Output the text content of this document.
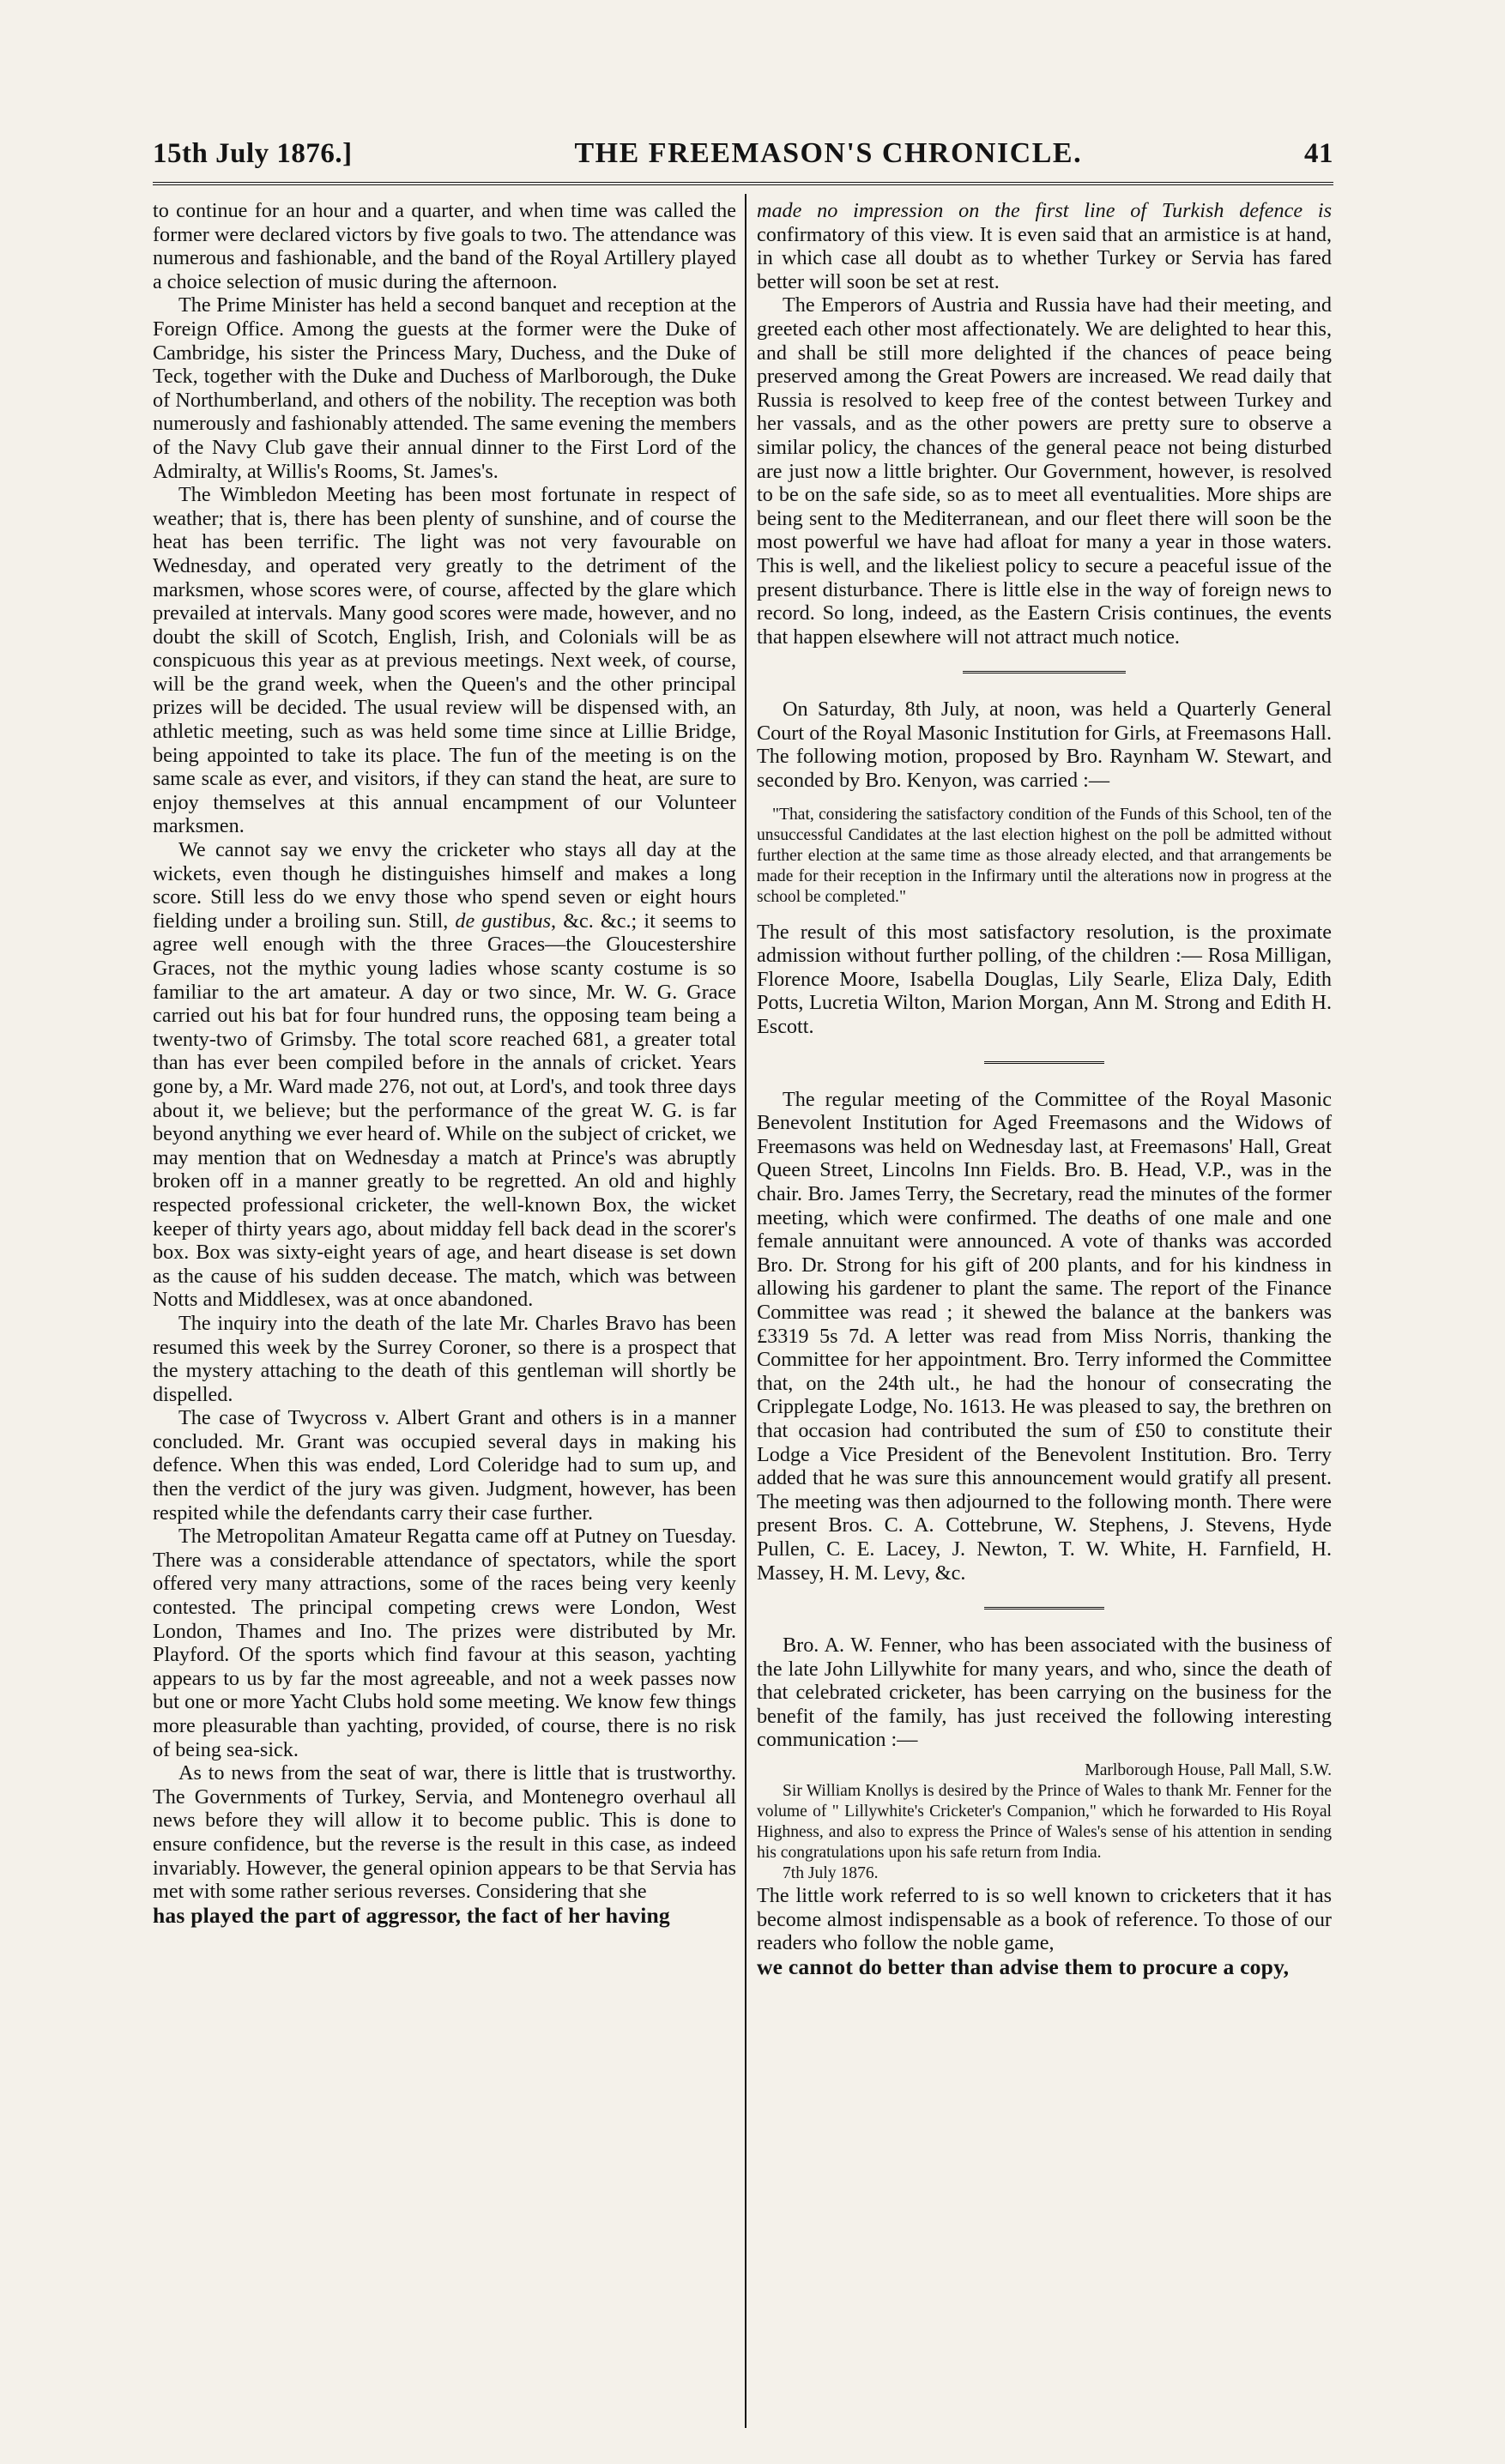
15th July 1876.]	THE FREEMASON'S CHRONICLE.	41

to continue for an hour and a quarter, and when time was called the former were declared victors by five goals to two. The attendance was numerous and fashionable, and the band of the Royal Artillery played a choice selection of music during the afternoon.

The Prime Minister has held a second banquet and reception at the Foreign Office. Among the guests at the former were the Duke of Cambridge, his sister the Princess Mary, Duchess, and the Duke of Teck, together with the Duke and Duchess of Marlborough, the Duke of Northumberland, and others of the nobility. The reception was both numerously and fashionably attended. The same evening the members of the Navy Club gave their annual dinner to the First Lord of the Admiralty, at Willis's Rooms, St. James's.

The Wimbledon Meeting has been most fortunate in respect of weather; that is, there has been plenty of sunshine, and of course the heat has been terrific. The light was not very favourable on Wednesday, and operated very greatly to the detriment of the marksmen, whose scores were, of course, affected by the glare which prevailed at intervals. Many good scores were made, however, and no doubt the skill of Scotch, English, Irish, and Colonials will be as conspicuous this year as at previous meetings. Next week, of course, will be the grand week, when the Queen's and the other principal prizes will be decided. The usual review will be dispensed with, an athletic meeting, such as was held some time since at Lillie Bridge, being appointed to take its place. The fun of the meeting is on the same scale as ever, and visitors, if they can stand the heat, are sure to enjoy themselves at this annual encampment of our Volunteer marksmen.

We cannot say we envy the cricketer who stays all day at the wickets, even though he distinguishes himself and makes a long score. Still less do we envy those who spend seven or eight hours fielding under a broiling sun. Still, de gustibus, &c. &c.; it seems to agree well enough with the three Graces—the Gloucestershire Graces, not the mythic young ladies whose scanty costume is so familiar to the art amateur. A day or two since, Mr. W. G. Grace carried out his bat for four hundred runs, the opposing team being a twenty-two of Grimsby. The total score reached 681, a greater total than has ever been compiled before in the annals of cricket. Years gone by, a Mr. Ward made 276, not out, at Lord's, and took three days about it, we believe; but the performance of the great W. G. is far beyond anything we ever heard of. While on the subject of cricket, we may mention that on Wednesday a match at Prince's was abruptly broken off in a manner greatly to be regretted. An old and highly respected professional cricketer, the well-known Box, the wicket keeper of thirty years ago, about midday fell back dead in the scorer's box. Box was sixty-eight years of age, and heart disease is set down as the cause of his sudden decease. The match, which was between Notts and Middlesex, was at once abandoned.

The inquiry into the death of the late Mr. Charles Bravo has been resumed this week by the Surrey Coroner, so there is a prospect that the mystery attaching to the death of this gentleman will shortly be dispelled.

The case of Twycross v. Albert Grant and others is in a manner concluded. Mr. Grant was occupied several days in making his defence. When this was ended, Lord Coleridge had to sum up, and then the verdict of the jury was given. Judgment, however, has been respited while the defendants carry their case further.

The Metropolitan Amateur Regatta came off at Putney on Tuesday. There was a considerable attendance of spectators, while the sport offered very many attractions, some of the races being very keenly contested. The principal competing crews were London, West London, Thames and Ino. The prizes were distributed by Mr. Playford. Of the sports which find favour at this season, yachting appears to us by far the most agreeable, and not a week passes now but one or more Yacht Clubs hold some meeting. We know few things more pleasurable than yachting, provided, of course, there is no risk of being sea-sick.

As to news from the seat of war, there is little that is trustworthy. The Governments of Turkey, Servia, and Montenegro overhaul all news before they will allow it to become public. This is done to ensure confidence, but the reverse is the result in this case, as indeed invariably. However, the general opinion appears to be that Servia has met with some rather serious reverses. Considering that she

has played the part of aggressor, the fact of her having

made no impression on the first line of Turkish defence is confirmatory of this view. It is even said that an armistice is at hand, in which case all doubt as to whether Turkey or Servia has fared better will soon be set at rest.

The Emperors of Austria and Russia have had their meeting, and greeted each other most affectionately. We are delighted to hear this, and shall be still more delighted if the chances of peace being preserved among the Great Powers are increased. We read daily that Russia is resolved to keep free of the contest between Turkey and her vassals, and as the other powers are pretty sure to observe a similar policy, the chances of the general peace not being disturbed are just now a little brighter. Our Government, however, is resolved to be on the safe side, so as to meet all eventualities. More ships are being sent to the Mediterranean, and our fleet there will soon be the most powerful we have had afloat for many a year in those waters. This is well, and the likeliest policy to secure a peaceful issue of the present disturbance. There is little else in the way of foreign news to record. So long, indeed, as the Eastern Crisis continues, the events that happen elsewhere will not attract much notice.

On Saturday, 8th July, at noon, was held a Quarterly General Court of the Royal Masonic Institution for Girls, at Freemasons Hall. The following motion, proposed by Bro. Raynham W. Stewart, and seconded by Bro. Kenyon, was carried :—

"That, considering the satisfactory condition of the Funds of this School, ten of the unsuccessful Candidates at the last election highest on the poll be admitted without further election at the same time as those already elected, and that arrangements be made for their reception in the Infirmary until the alterations now in progress at the school be completed."

The result of this most satisfactory resolution, is the proximate admission without further polling, of the children :— Rosa Milligan, Florence Moore, Isabella Douglas, Lily Searle, Eliza Daly, Edith Potts, Lucretia Wilton, Marion Morgan, Ann M. Strong and Edith H. Escott.

The regular meeting of the Committee of the Royal Masonic Benevolent Institution for Aged Freemasons and the Widows of Freemasons was held on Wednesday last, at Freemasons' Hall, Great Queen Street, Lincolns Inn Fields. Bro. B. Head, V.P., was in the chair. Bro. James Terry, the Secretary, read the minutes of the former meeting, which were confirmed. The deaths of one male and one female annuitant were announced. A vote of thanks was accorded Bro. Dr. Strong for his gift of 200 plants, and for his kindness in allowing his gardener to plant the same. The report of the Finance Committee was read ; it shewed the balance at the bankers was £3319 5s 7d. A letter was read from Miss Norris, thanking the Committee for her appointment. Bro. Terry informed the Committee that, on the 24th ult., he had the honour of consecrating the Cripplegate Lodge, No. 1613. He was pleased to say, the brethren on that occasion had contributed the sum of £50 to constitute their Lodge a Vice President of the Benevolent Institution. Bro. Terry added that he was sure this announcement would gratify all present. The meeting was then adjourned to the following month. There were present Bros. C. A. Cottebrune, W. Stephens, J. Stevens, Hyde Pullen, C. E. Lacey, J. Newton, T. W. White, H. Farnfield, H. Massey, H. M. Levy, &c.

Bro. A. W. Fenner, who has been associated with the business of the late John Lillywhite for many years, and who, since the death of that celebrated cricketer, has been carrying on the business for the benefit of the family, has just received the following interesting communication :—

Marlborough House, Pall Mall, S.W.

Sir William Knollys is desired by the Prince of Wales to thank Mr. Fenner for the volume of " Lillywhite's Cricketer's Companion," which he forwarded to His Royal Highness, and also to express the Prince of Wales's sense of his attention in sending his congratulations upon his safe return from India.

7th July 1876.

The little work referred to is so well known to cricketers that it has become almost indispensable as a book of reference. To those of our readers who follow the noble game,

we cannot do better than advise them to procure a copy,
